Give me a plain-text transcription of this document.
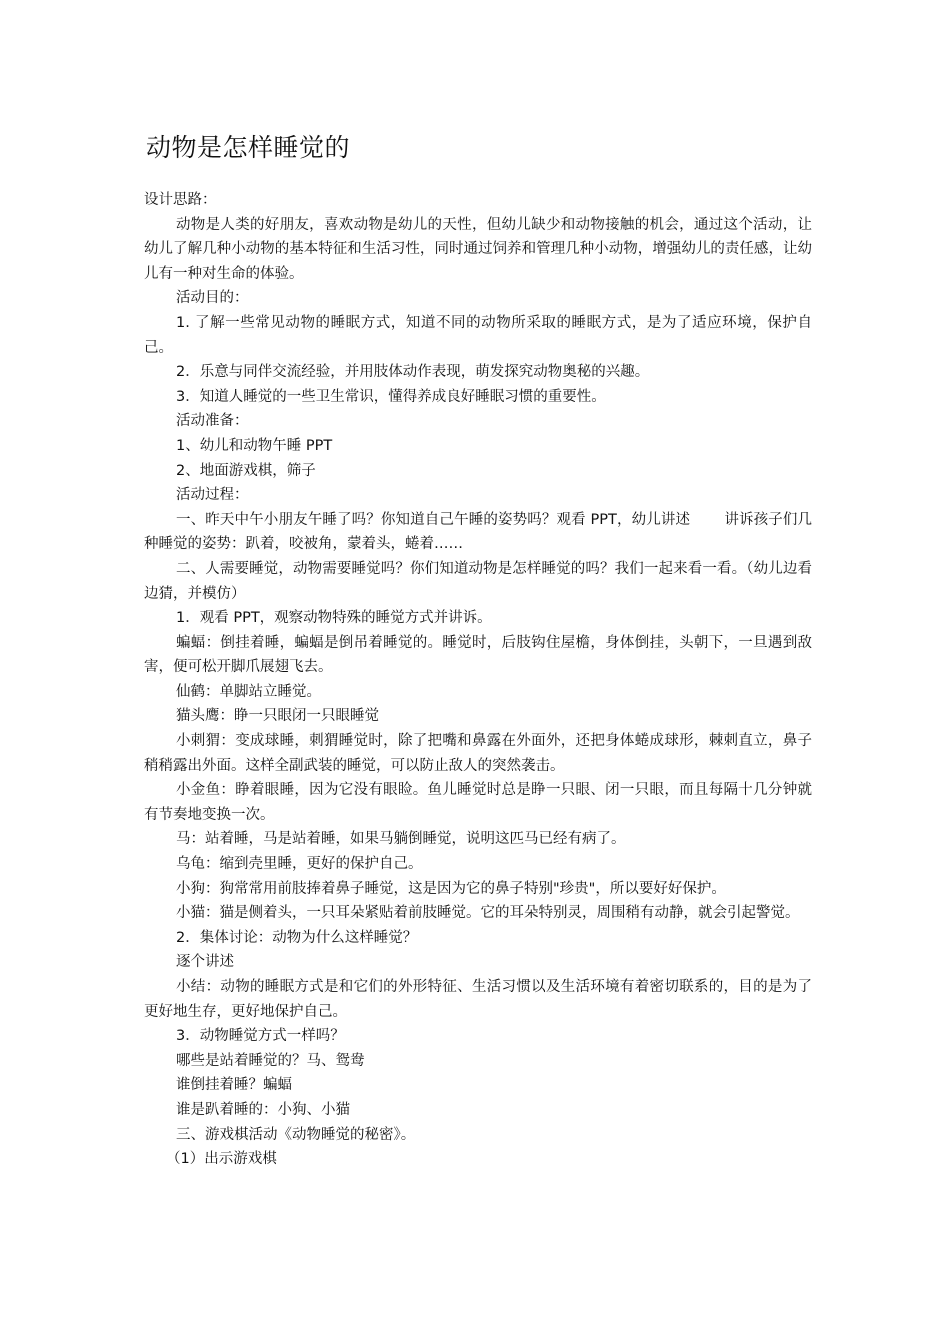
动物是怎样睡觉的

设计思路：

动物是人类的好朋友，喜欢动物是幼儿的天性，但幼儿缺少和动物接触的机会，通过这个活动，让幼儿了解几种小动物的基本特征和生活习性，同时通过饲养和管理几种小动物，增强幼儿的责任感，让幼儿有一种对生命的体验。

活动目的：

1. 了解一些常见动物的睡眠方式，知道不同的动物所采取的睡眠方式，是为了适应环境，保护自己。

2．乐意与同伴交流经验，并用肢体动作表现，萌发探究动物奥秘的兴趣。

3．知道人睡觉的一些卫生常识，懂得养成良好睡眠习惯的重要性。

活动准备：

1、幼儿和动物午睡 PPT

2、地面游戏棋，筛子

活动过程：

一、昨天中午小朋友午睡了吗？你知道自己午睡的姿势吗？观看 PPT，幼儿讲述 讲诉孩子们几种睡觉的姿势：趴着，咬被角，蒙着头，蜷着……

二、人需要睡觉，动物需要睡觉吗？你们知道动物是怎样睡觉的吗？我们一起来看一看。（幼儿边看边猜，并模仿）

1．观看 PPT，观察动物特殊的睡觉方式并讲诉。

蝙蝠：倒挂着睡，蝙蝠是倒吊着睡觉的。睡觉时，后肢钩住屋檐，身体倒挂，头朝下，一旦遇到敌害，便可松开脚爪展翅飞去。

仙鹤：单脚站立睡觉。

猫头鹰：睁一只眼闭一只眼睡觉

小刺猬：变成球睡，刺猬睡觉时，除了把嘴和鼻露在外面外，还把身体蜷成球形，棘刺直立，鼻子稍稍露出外面。这样全副武装的睡觉，可以防止敌人的突然袭击。

小金鱼：睁着眼睡，因为它没有眼睑。鱼儿睡觉时总是睁一只眼、闭一只眼，而且每隔十几分钟就有节奏地变换一次。

马：站着睡，马是站着睡，如果马躺倒睡觉，说明这匹马已经有病了。

乌龟：缩到壳里睡，更好的保护自己。

小狗：狗常常用前肢捧着鼻子睡觉，这是因为它的鼻子特别"珍贵"，所以要好好保护。

小猫：猫是侧着头，一只耳朵紧贴着前肢睡觉。它的耳朵特别灵，周围稍有动静，就会引起警觉。

2．集体讨论：动物为什么这样睡觉？

逐个讲述

小结：动物的睡眠方式是和它们的外形特征、生活习惯以及生活环境有着密切联系的，目的是为了更好地生存，更好地保护自己。

3．动物睡觉方式一样吗？

哪些是站着睡觉的？马、鸳鸯

谁倒挂着睡？蝙蝠

谁是趴着睡的：小狗、小猫

三、游戏棋活动《动物睡觉的秘密》。

（1）出示游戏棋
